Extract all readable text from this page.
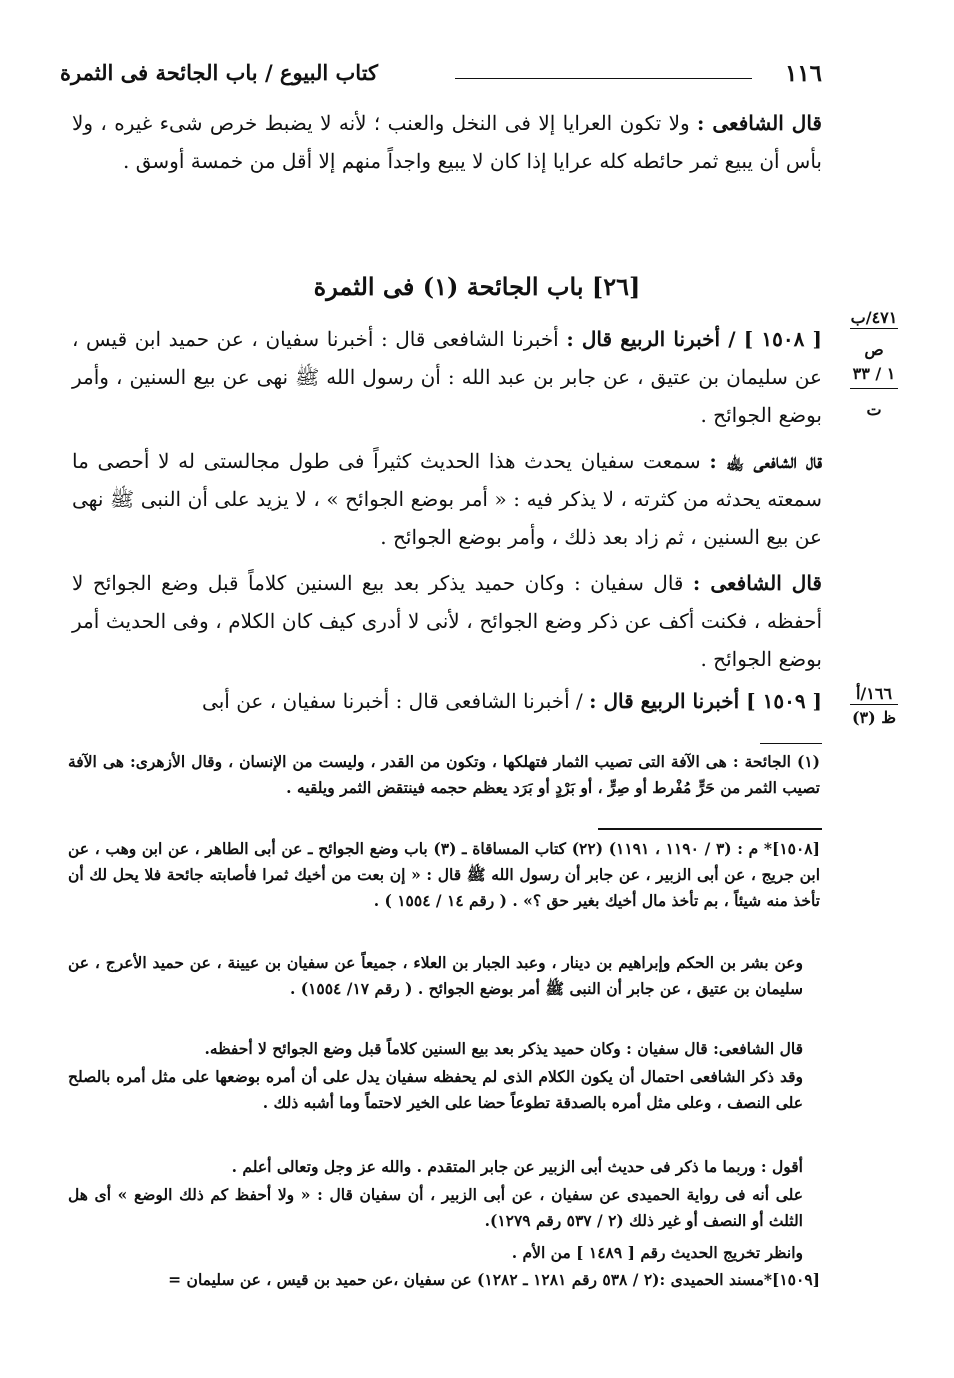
كتاب البيوع / باب الجائحة فى الثمرة	١١٦
قال الشافعى : ولا تكون العرايا إلا فى النخل والعنب ؛ لأنه لا يضبط خرص شىء غيره ، ولا بأس أن يبيع ثمر حائطه كله عرايا إذا كان لا يبيع واجداً منهم إلا أقل من خمسة أوسق .
[٢٦] باب الجائحة (١) فى الثمرة
[ ١٥٠٨ ] / أخبرنا الربيع قال : أخبرنا الشافعى قال : أخبرنا سفيان ، عن حميد ابن قيس ، عن سليمان بن عتيق ، عن جابر بن عبد الله : أن رسول الله ﷺ نهى عن بيع السنين ، وأمر بوضع الجوائح .
قال الشافعى ﵀ : سمعت سفيان يحدث هذا الحديث كثيراً فى طول مجالستى له لا أحصى ما سمعته يحدثه من كثرته ، لا يذكر فيه : « أمر بوضع الجوائح » ، لا يزيد على أن النبى ﷺ نهى عن بيع السنين ، ثم زاد بعد ذلك ، وأمر بوضع الجوائح .
قال الشافعى : قال سفيان : وكان حميد يذكر بعد بيع السنين كلاماً قبل وضع الجوائح لا أحفظه ، فكنت أكف عن ذكر وضع الجوائح ، لأنى لا أدرى كيف كان الكلام ، وفى الحديث أمر بوضع الجوائح .
[ ١٥٠٩ ] أخبرنا الربيع قال : / أخبرنا الشافعى قال : أخبرنا سفيان ، عن أبى
٤٧١/ب
ص
١ / ٣٣
ت
١٦٦/أ
ظ (٣)
(١) الجائحة : هى الآفة التى تصيب الثمار فتهلكها ، وتكون من القدر ، وليست من الإنسان ، وقال الأزهرى: هى الآفة تصيب الثمر من حَرٍّ مُفْرط أو صِرٍّ ، أو بَرْدٍ أو بَرَد يعظم حجمه فينتقض الثمر ويلقيه .
[١٥٠٨]* م : (٣ / ١١٩٠ ، ١١٩١) (٢٢) كتاب المساقاة ـ (٣) باب وضع الجوائح ـ عن أبى الطاهر ، عن ابن وهب ، عن ابن جريج ، عن أبى الزبير ، عن جابر أن رسول الله ﷺ قال : « إن بعت من أخيك ثمرا فأصابته جائحة فلا يحل لك أن تأخذ منه شيئاً ، بم تأخذ مال أخيك بغير حق ؟» . ( رقم ١٤ / ١٥٥٤ ) .
وعن بشر بن الحكم وإبراهيم بن دينار ، وعبد الجبار بن العلاء ، جميعاً عن سفيان بن عيينة ، عن حميد الأعرج ، عن سليمان بن عتيق ، عن جابر أن النبى ﷺ أمر بوضع الجوائح . ( رقم ١٧/ ١٥٥٤) .
قال الشافعى: قال سفيان : وكان حميد يذكر بعد بيع السنين كلاماً قبل وضع الجوائح لا أحفظه.
وقد ذكر الشافعى احتمال أن يكون الكلام الذى لم يحفظه سفيان يدل على أن أمره بوضعها على مثل أمره بالصلح على النصف ، وعلى مثل أمره بالصدقة تطوعاً حضا على الخير لاحتماً وما أشبه ذلك .
أقول : وربما ما ذكر فى حديث أبى الزبير عن جابر المتقدم . والله عز وجل وتعالى أعلم .
على أنه فى رواية الحميدى عن سفيان ، عن أبى الزبير ، أن سفيان قال : « ولا أحفظ كم ذلك الوضع » أى هل الثلث أو النصف أو غير ذلك (٢ / ٥٣٧ رقم ١٢٧٩).
وانظر تخريج الحديث رقم [ ١٤٨٩ ] من الأم .
[١٥٠٩]*مسند الحميدى :(٢ / ٥٣٨ رقم ١٢٨١ ـ ١٢٨٢) عن سفيان ،عن حميد بن قيس ، عن سليمان =
